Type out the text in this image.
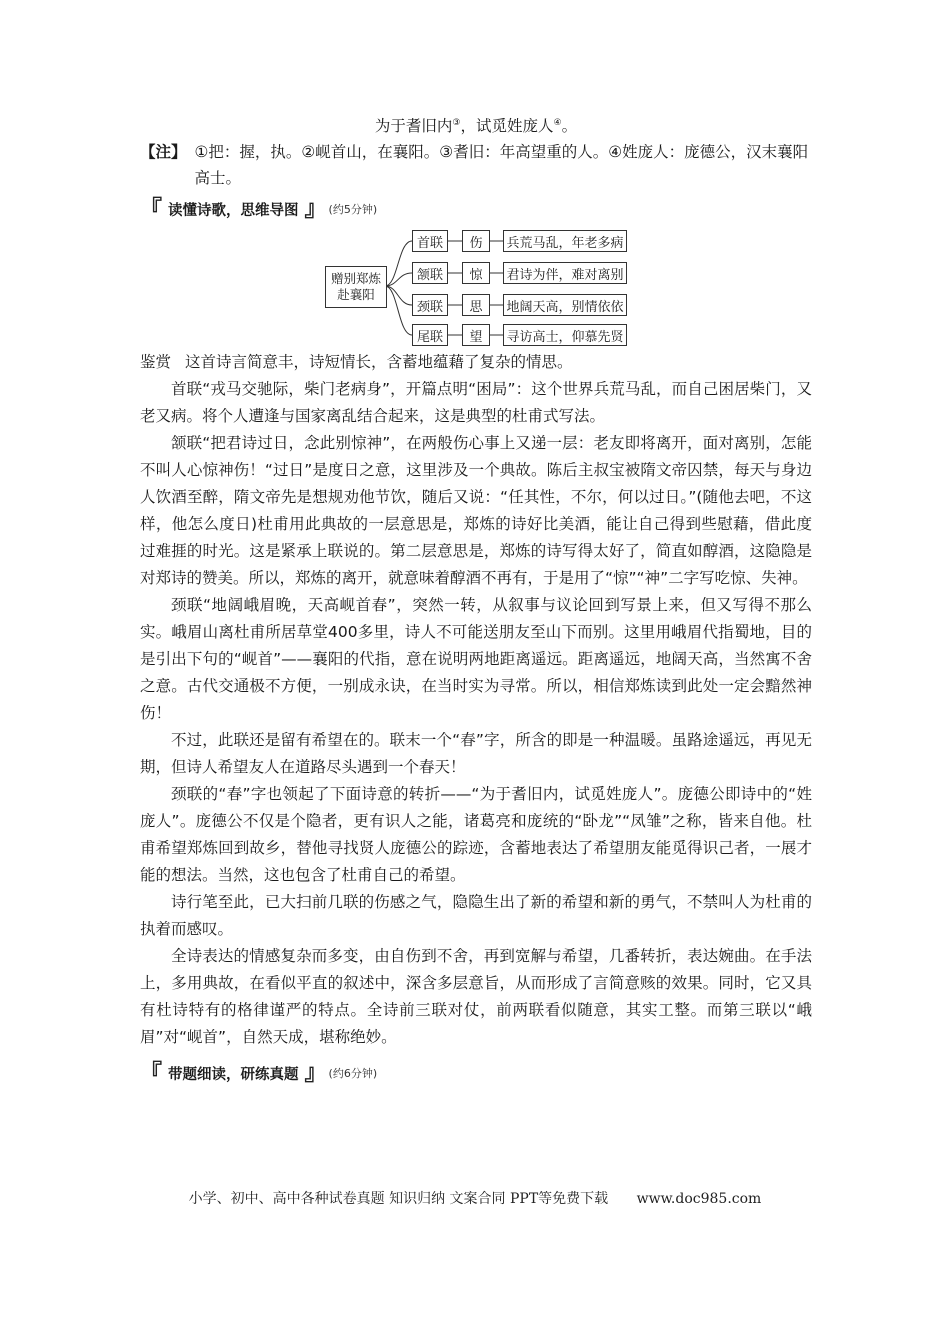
为于耆旧内③，试觅姓庞人④。
【注】 ①把：握，执。②岘首山，在襄阳。③耆旧：年高望重的人。④姓庞人：庞德公，汉末襄阳高士。
『 读懂诗歌，思维导图 』 (约5分钟)
赠别郑炼赴襄阳
首联	伤	兵荒马乱，年老多病
颔联	惊	君诗为伴，难对离别
颈联	思	地阔天高，别情依依
尾联	望	寻访高士，仰慕先贤

鉴赏 这首诗言简意丰，诗短情长，含蓄地蕴藉了复杂的情思。

首联“戎马交驰际，柴门老病身”，开篇点明“困局”：这个世界兵荒马乱，而自己困居柴门，又老又病。将个人遭逢与国家离乱结合起来，这是典型的杜甫式写法。

颔联“把君诗过日，念此别惊神”，在两般伤心事上又递一层：老友即将离开，面对离别，怎能不叫人心惊神伤！“过日”是度日之意，这里涉及一个典故。陈后主叔宝被隋文帝囚禁，每天与身边人饮酒至醉，隋文帝先是想规劝他节饮，随后又说：“任其性，不尔，何以过日。”(随他去吧，不这样，他怎么度日)杜甫用此典故的一层意思是，郑炼的诗好比美酒，能让自己得到些慰藉，借此度过难捱的时光。这是紧承上联说的。第二层意思是，郑炼的诗写得太好了，简直如醇酒，这隐隐是对郑诗的赞美。所以，郑炼的离开，就意味着醇酒不再有，于是用了“惊”“神”二字写吃惊、失神。

颈联“地阔峨眉晚，天高岘首春”，突然一转，从叙事与议论回到写景上来，但又写得不那么实。峨眉山离杜甫所居草堂400多里，诗人不可能送朋友至山下而别。这里用峨眉代指蜀地，目的是引出下句的“岘首”——襄阳的代指，意在说明两地距离遥远。距离遥远，地阔天高，当然寓不舍之意。古代交通极不方便，一别成永诀，在当时实为寻常。所以，相信郑炼读到此处一定会黯然神伤！

不过，此联还是留有希望在的。联末一个“春”字，所含的即是一种温暖。虽路途遥远，再见无期，但诗人希望友人在道路尽头遇到一个春天！

颈联的“春”字也领起了下面诗意的转折——“为于耆旧内，试觅姓庞人”。庞德公即诗中的“姓庞人”。庞德公不仅是个隐者，更有识人之能，诸葛亮和庞统的“卧龙”“凤雏”之称，皆来自他。杜甫希望郑炼回到故乡，替他寻找贤人庞德公的踪迹，含蓄地表达了希望朋友能觅得识己者，一展才能的想法。当然，这也包含了杜甫自己的希望。

诗行笔至此，已大扫前几联的伤感之气，隐隐生出了新的希望和新的勇气，不禁叫人为杜甫的执着而感叹。

全诗表达的情感复杂而多变，由自伤到不舍，再到宽解与希望，几番转折，表达婉曲。在手法上，多用典故，在看似平直的叙述中，深含多层意旨，从而形成了言简意赅的效果。同时，它又具有杜诗特有的格律谨严的特点。全诗前三联对仗，前两联看似随意，其实工整。而第三联以“峨眉”对“岘首”，自然天成，堪称绝妙。

『 带题细读，研练真题 』 (约6分钟)
小学、初中、高中各种试卷真题 知识归纳 文案合同 PPT等免费下载 www.doc985.com
